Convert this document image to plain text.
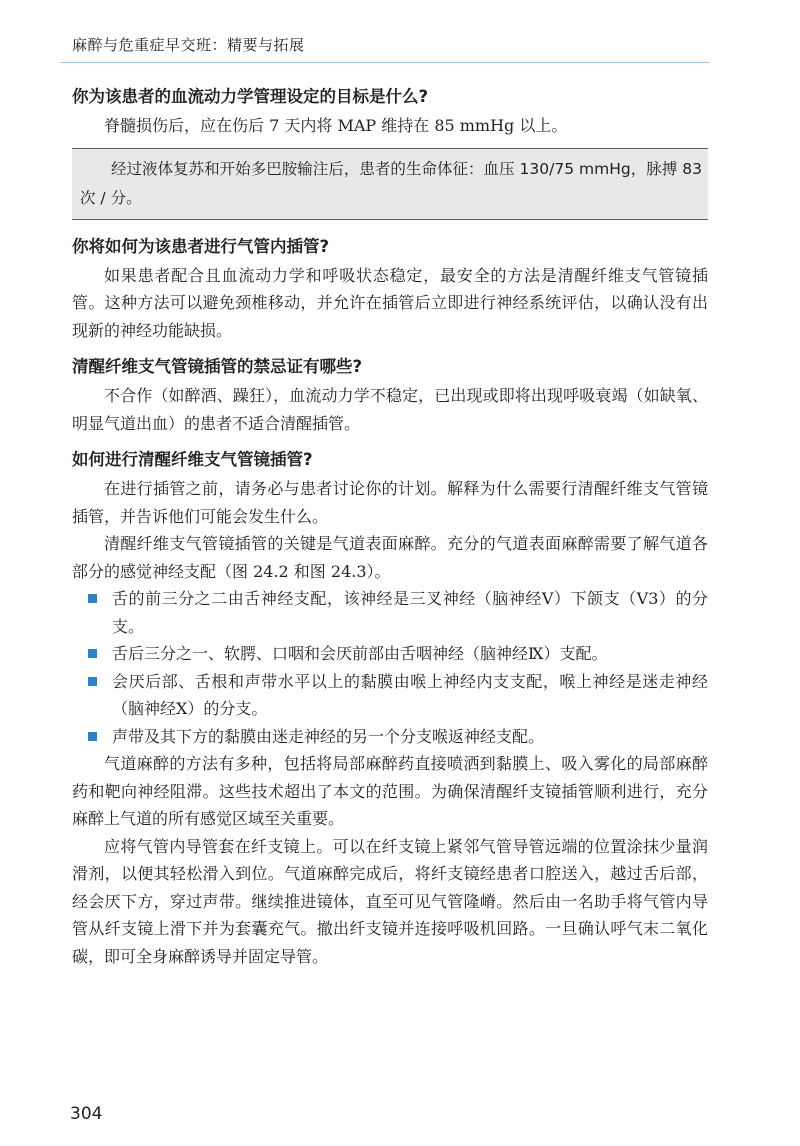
麻醉与危重症早交班：精要与拓展
你为该患者的血流动力学管理设定的目标是什么?

脊髓损伤后，应在伤后 7 天内将 MAP 维持在 85 mmHg 以上。

经过液体复苏和开始多巴胺输注后，患者的生命体征：血压 130/75 mmHg，脉搏 83 次 / 分。
你将如何为该患者进行气管内插管?

如果患者配合且血流动力学和呼吸状态稳定，最安全的方法是清醒纤维支气管镜插管。这种方法可以避免颈椎移动，并允许在插管后立即进行神经系统评估，以确认没有出现新的神经功能缺损。

清醒纤维支气管镜插管的禁忌证有哪些?

不合作（如醉酒、躁狂），血流动力学不稳定，已出现或即将出现呼吸衰竭（如缺氧、明显气道出血）的患者不适合清醒插管。

如何进行清醒纤维支气管镜插管?

在进行插管之前，请务必与患者讨论你的计划。解释为什么需要行清醒纤维支气管镜插管，并告诉他们可能会发生什么。

清醒纤维支气管镜插管的关键是气道表面麻醉。充分的气道表面麻醉需要了解气道各部分的感觉神经支配（图 24.2 和图 24.3）。

舌的前三分之二由舌神经支配，该神经是三叉神经（脑神经Ⅴ）下颌支（V3）的分支。
舌后三分之一、软腭、口咽和会厌前部由舌咽神经（脑神经Ⅸ）支配。
会厌后部、舌根和声带水平以上的黏膜由喉上神经内支支配，喉上神经是迷走神经（脑神经Ⅹ）的分支。
声带及其下方的黏膜由迷走神经的另一个分支喉返神经支配。

气道麻醉的方法有多种，包括将局部麻醉药直接喷洒到黏膜上、吸入雾化的局部麻醉药和靶向神经阻滞。这些技术超出了本文的范围。为确保清醒纤支镜插管顺利进行，充分麻醉上气道的所有感觉区域至关重要。

应将气管内导管套在纤支镜上。可以在纤支镜上紧邻气管导管远端的位置涂抹少量润滑剂，以便其轻松滑入到位。气道麻醉完成后，将纤支镜经患者口腔送入，越过舌后部，经会厌下方，穿过声带。继续推进镜体，直至可见气管隆嵴。然后由一名助手将气管内导管从纤支镜上滑下并为套囊充气。撤出纤支镜并连接呼吸机回路。一旦确认呼气末二氧化碳，即可全身麻醉诱导并固定导管。

304
